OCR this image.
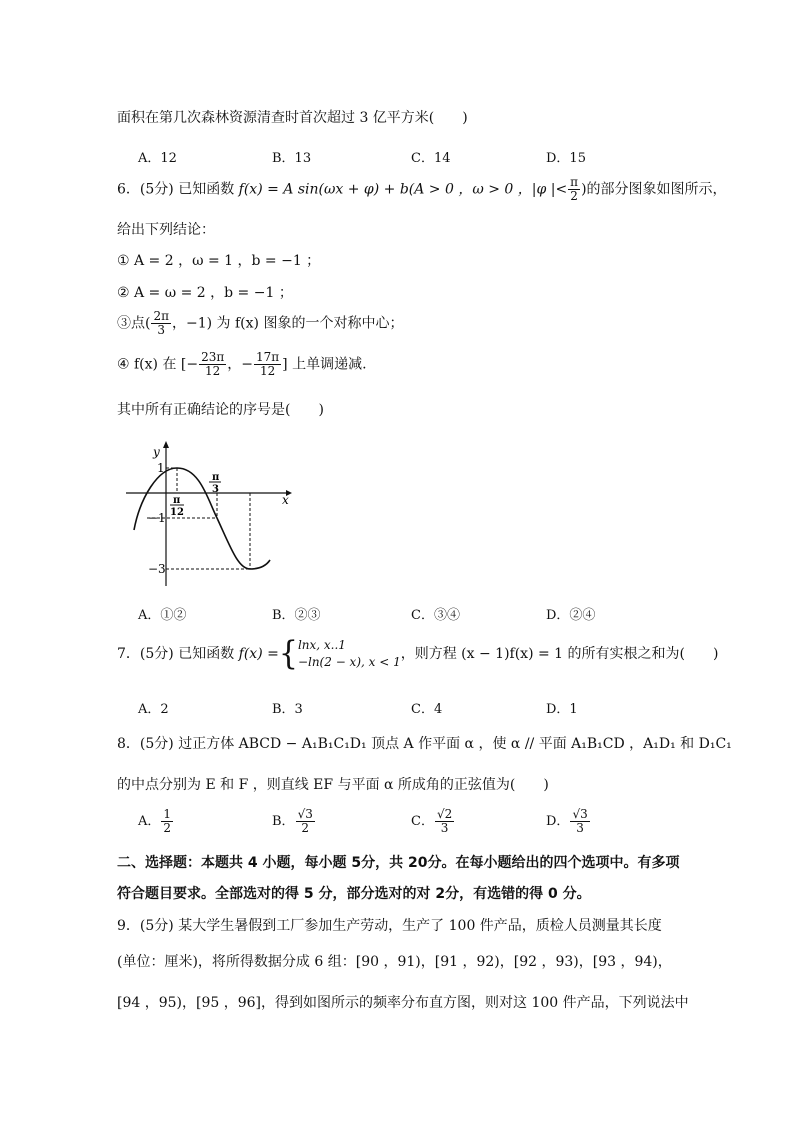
面积在第几次森林资源清查时首次超过 3 亿平方米(　　)
A．12	B．13	C．14	D．15
6．(5分) 已知函数 f(x) = A sin(ωx + φ) + b(A > 0 ，ω > 0 ，|φ |< $\frac{\pi}{2}$ )的部分图象如图所示，
给出下列结论：
① A = 2 ，ω = 1 ，b = −1 ；
② A = ω = 2 ，b = −1 ；
③点( $\frac{2\pi}{3}$ ，−1) 为 f(x) 图象的一个对称中心；
④ f(x) 在 [− $\frac{23\pi}{12}$ ，− $\frac{17\pi}{12}$ ] 上单调递减.
其中所有正确结论的序号是(　　)
y
x
1
−1
−3
π
12
π
3
A．①②	B．②③	C．③④	D．②④
7．(5分) 已知函数 f(x) ={ lnx, x..1
−ln(2 − x), x < 1 ，则方程 (x − 1)f(x) = 1 的所有实根之和为(　　)
A．2	B．3	C．4	D．1
8．(5分) 过正方体 ABCD − A₁B₁C₁D₁ 顶点 A 作平面 α ，使 α // 平面 A₁B₁CD ，A₁D₁ 和 D₁C₁
的中点分别为 E 和 F ，则直线 EF 与平面 α 所成角的正弦值为(　　)
A． $\frac{1}{2}$	B． $\frac{√3}{2}$	C． $\frac{√2}{3}$	D． $\frac{√3}{3}$
二、选择题：本题共 4 小题，每小题 5分，共 20分。在每小题给出的四个选项中。有多项
符合题目要求。全部选对的得 5 分，部分选对的对 2分，有选错的得 0 分。
9．(5分) 某大学生暑假到工厂参加生产劳动，生产了 100 件产品，质检人员测量其长度
(单位：厘米)，将所得数据分成 6 组：[90 ，91)，[91 ，92)，[92 ，93)，[93 ，94)，
[94 ，95)，[95 ，96]，得到如图所示的频率分布直方图，则对这 100 件产品，下列说法中
